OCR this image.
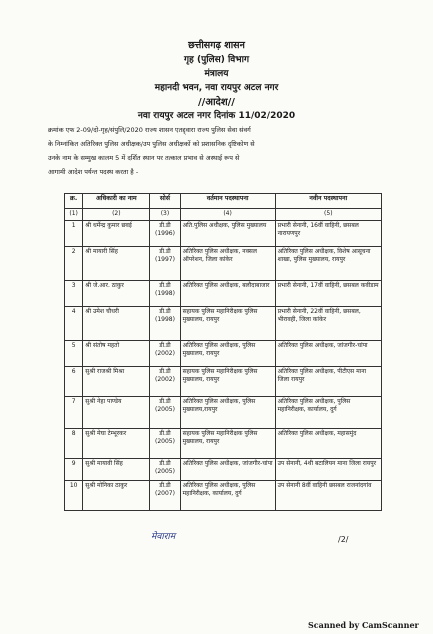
छत्तीसगढ़ शासन
गृह (पुलिस) विभाग
मंत्रालय
महानदी भवन, नवा रायपुर अटल नगर
//आदेश//
नवा रायपुर अटल नगर दिनांक 11/02/2020
क्रमांक एफ 2-09/दो-गृह/संपुलि/2020 राज्य शासन एतद्द्वारा राज्य पुलिस सेवा संवर्ग
के निम्नांकित अतिरिक्त पुलिस अधीक्षक/उप पुलिस अधीक्षकों को प्रशासनिक दृष्टिकोण से
उनके नाम के सम्मुख कालम 5 में दर्शित स्थान पर तत्काल प्रभाव से अस्थाई रूप से
आगामी आदेश पर्यन्त पदस्थ करता है -
क्र.	अधिकारी का नाम	सोर्स	वर्तमान पदस्थापना	नवीन पदस्थापना
(1)	(2)	(3)	(4)	(5)
1	श्री धर्मेन्द्र कुमार छवई	डी.डी (1996)	अति.पुलिस अधीक्षक, पुलिस मुख्यालय	प्रभारी सेनानी, 16वीं वाहिनी, छसबल नारायणपुर
2	श्री मायारी सिंह	डी.डी (1997)	अतिरिक्त पुलिस अधीक्षक, नक्सल ऑपरेशन, जिला कांकेर	अतिरिक्त पुलिस अधीक्षक, विशेष आसूचना शाखा, पुलिस मुख्यालय, रायपुर
3	श्री जे.आर. ठाकुर	डी.डी (1998)	अतिरिक्त पुलिस अधीक्षक, बलौदाबाजार	प्रभारी सेनानी, 17वीं वाहिनी, छसबल कवीडाम
4	श्री उमेश चौधरी	डी.डी (1998)	सहायक पुलिस महानिरीक्षक पुलिस मुख्यालय, रायपुर	प्रभारी सेनानी, 22वीं वाहिनी, छसबल, भीरावही, जिला कांकेर
5	श्री संतोष महतो	डी.डी (2002)	अतिरिक्त पुलिस अधीक्षक, पुलिस मुख्यालय, रायपुर	अतिरिक्त पुलिस अधीक्षक, जांजगीर-चांपा
6	सुश्री राजश्री मिश्रा	डी.डी (2002)	सहायक पुलिस महानिरीक्षक पुलिस मुख्यालय, रायपुर	अतिरिक्त पुलिस अधीक्षक, पीटीएस माना जिला रायपुर
7	सुश्री नेहा पाण्डेय	डी.डी (2005)	अतिरिक्त पुलिस अधीक्षक, पुलिस मुख्यालय,रायपुर	अतिरिक्त पुलिस अधीक्षक, पुलिस महानिरीक्षक, कार्यालय, दुर्ग
8	सुश्री मेघा टेम्भूरकर	डी.डी (2005)	सहायक पुलिस महानिरीक्षक पुलिस मुख्यालय, रायपुर	अतिरिक्त पुलिस अधीक्षक, महासमुंद
9	सुश्री मायावी सिंह	डी.डी (2005)	अतिरिक्त पुलिस अधीक्षक, जांजगीर-चांपा	उप सेनानी, 4थी बटालियन माना जिला रायपुर
10	सुश्री मोनिका ठाकुर	डी.डी (2007)	अतिरिक्त पुलिस अधीक्षक, पुलिस महानिरीक्षक, कार्यालय, दुर्ग	उप सेनानी 8वीं वाहिनी छसबल राजनांदगांव
मेवाराम	/2/
Scanned by CamScanner
